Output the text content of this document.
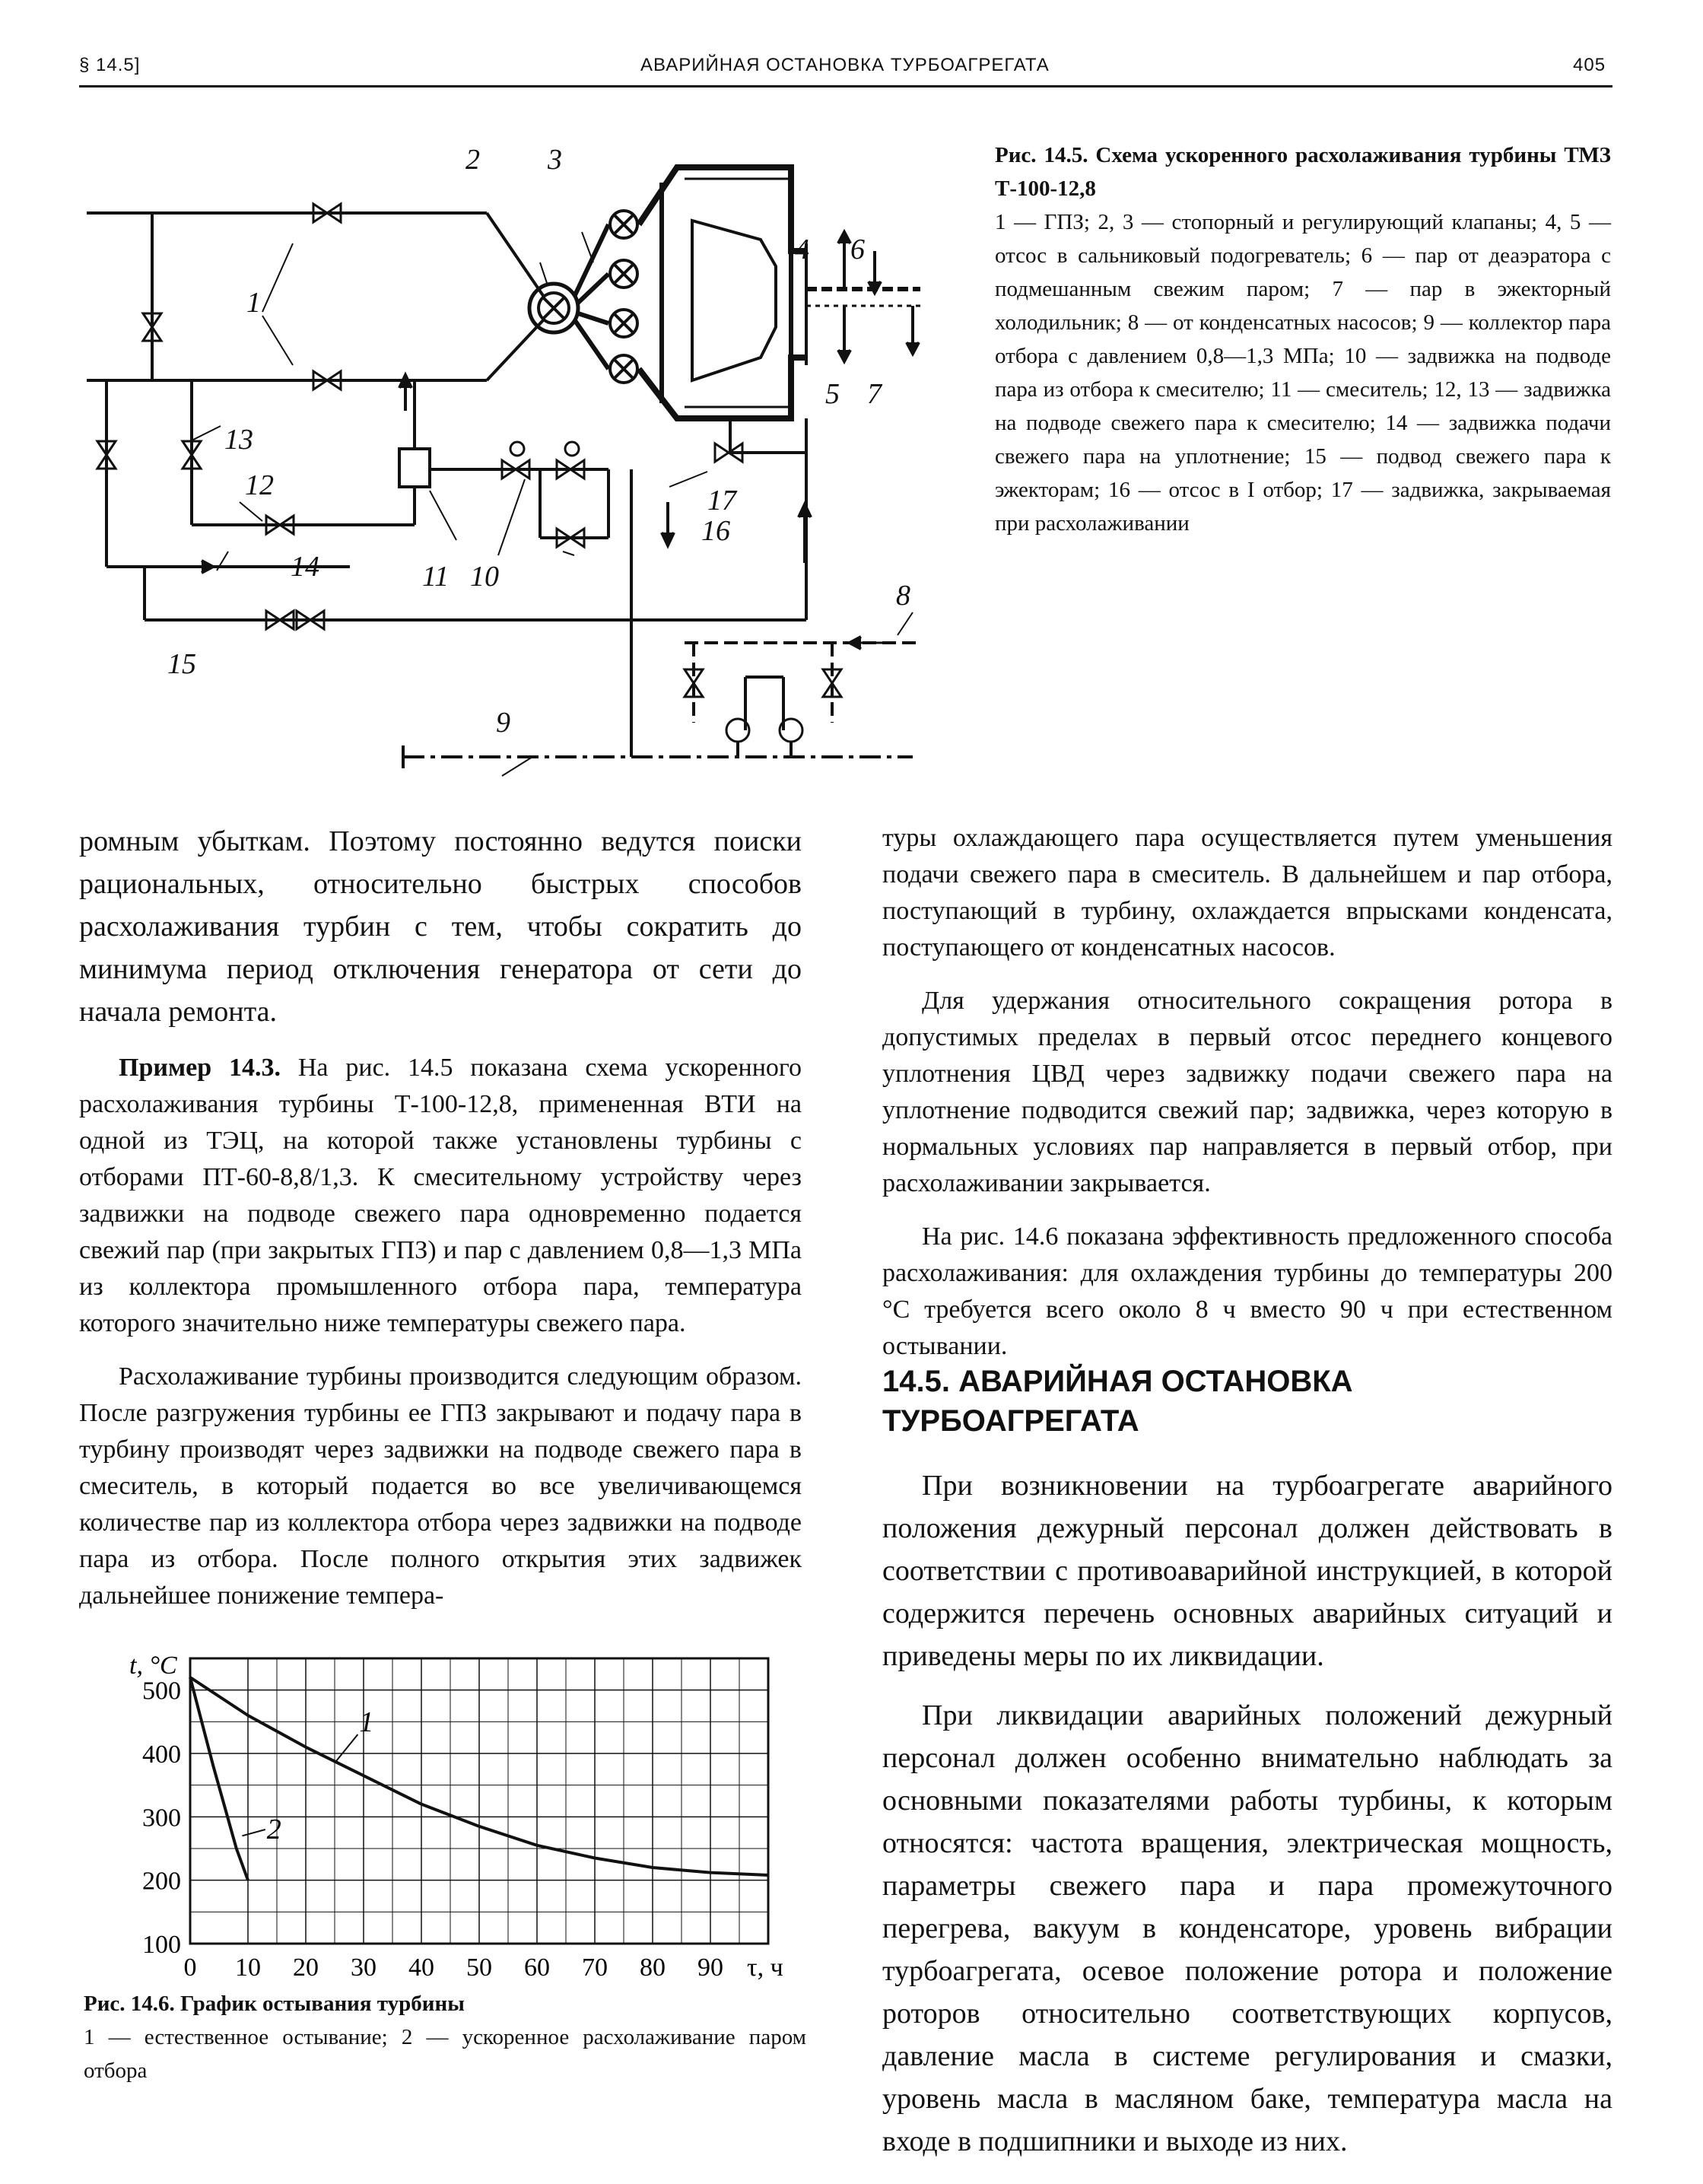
§ 14.5]	АВАРИЙНАЯ ОСТАНОВКА ТУРБОАГРЕГАТА	405
1
2 3
4
5
6
7
8
9
10
11
12
13
14
15
16
17
Рис. 14.5. Схема ускоренного расхолаживания турбины ТМЗ Т-100-12,8
1 — ГПЗ; 2, 3 — стопорный и регулирующий клапаны; 4, 5 — отсос в сальниковый подогреватель; 6 — пар от деаэратора с подмешанным свежим паром; 7 — пар в эжекторный холодильник; 8 — от конденсатных насосов; 9 — коллектор пара отбора с давлением 0,8—1,3 МПа; 10 — задвижка на подводе пара из отбора к смесителю; 11 — смеситель; 12, 13 — задвижка на подводе свежего пара к смесителю; 14 — задвижка подачи свежего пара на уплотнение; 15 — подвод свежего пара к эжекторам; 16 — отсос в I отбор; 17 — задвижка, закрываемая при расхолаживании

ромным убыткам. Поэтому постоянно ведутся поиски рациональных, относительно быстрых способов расхолаживания турбин с тем, чтобы сократить до минимума период отключения генератора от сети до начала ремонта.

Пример 14.3. На рис. 14.5 показана схема ускоренного расхолаживания турбины Т-100-12,8, примененная ВТИ на одной из ТЭЦ, на которой также установлены турбины с отборами ПТ-60-8,8/1,3. К смесительному устройству через задвижки на подводе свежего пара одновременно подается свежий пар (при закрытых ГПЗ) и пар с давлением 0,8—1,3 МПа из коллектора промышленного отбора пара, температура которого значительно ниже температуры свежего пара.

Расхолаживание турбины производится следующим образом. После разгружения турбины ее ГПЗ закрывают и подачу пара в турбину производят через задвижки на подводе свежего пара в смеситель, в который подается во все увеличивающемся количестве пар из коллектора отбора через задвижки на подводе пара из отбора. После полного открытия этих задвижек дальнейшее понижение темпера-

туры охлаждающего пара осуществляется путем уменьшения подачи свежего пара в смеситель. В дальнейшем и пар отбора, поступающий в турбину, охлаждается впрысками конденсата, поступающего от конденсатных насосов.

Для удержания относительного сокращения ротора в допустимых пределах в первый отсос переднего концевого уплотнения ЦВД через задвижку подачи свежего пара на уплотнение подводится свежий пар; задвижка, через которую в нормальных условиях пар направляется в первый отбор, при расхолаживании закрывается.

На рис. 14.6 показана эффективность предложенного способа расхолаживания: для охлаждения турбины до температуры 200 °С требуется всего около 8 ч вместо 90 ч при естественном остывании.

14.5. АВАРИЙНАЯ ОСТАНОВКА
ТУРБОАГРЕГАТА

При возникновении на турбоагрегате аварийного положения дежурный персонал должен действовать в соответствии с противоаварийной инструкцией, в которой содержится перечень основных аварийных ситуаций и приведены меры по их ликвидации.

При ликвидации аварийных положений дежурный персонал должен особенно внимательно наблюдать за основными показателями работы турбины, к которым относятся: частота вращения, электрическая мощность, параметры свежего пара и пара промежуточного перегрева, вакуум в конденсаторе, уровень вибрации турбоагрегата, осевое положение ротора и положение роторов относительно соответствующих корпусов, давление масла в системе регулирования и смазки, уровень масла в масляном баке, температура масла на входе в подшипники и выходе из них.

0 10 20 30 40 50 60 70 80 90
100
200
300
400
500
τ, ч
t, °C
1
2
Рис. 14.6. График остывания турбины
1 — естественное остывание; 2 — ускоренное расхолаживание паром отбора
